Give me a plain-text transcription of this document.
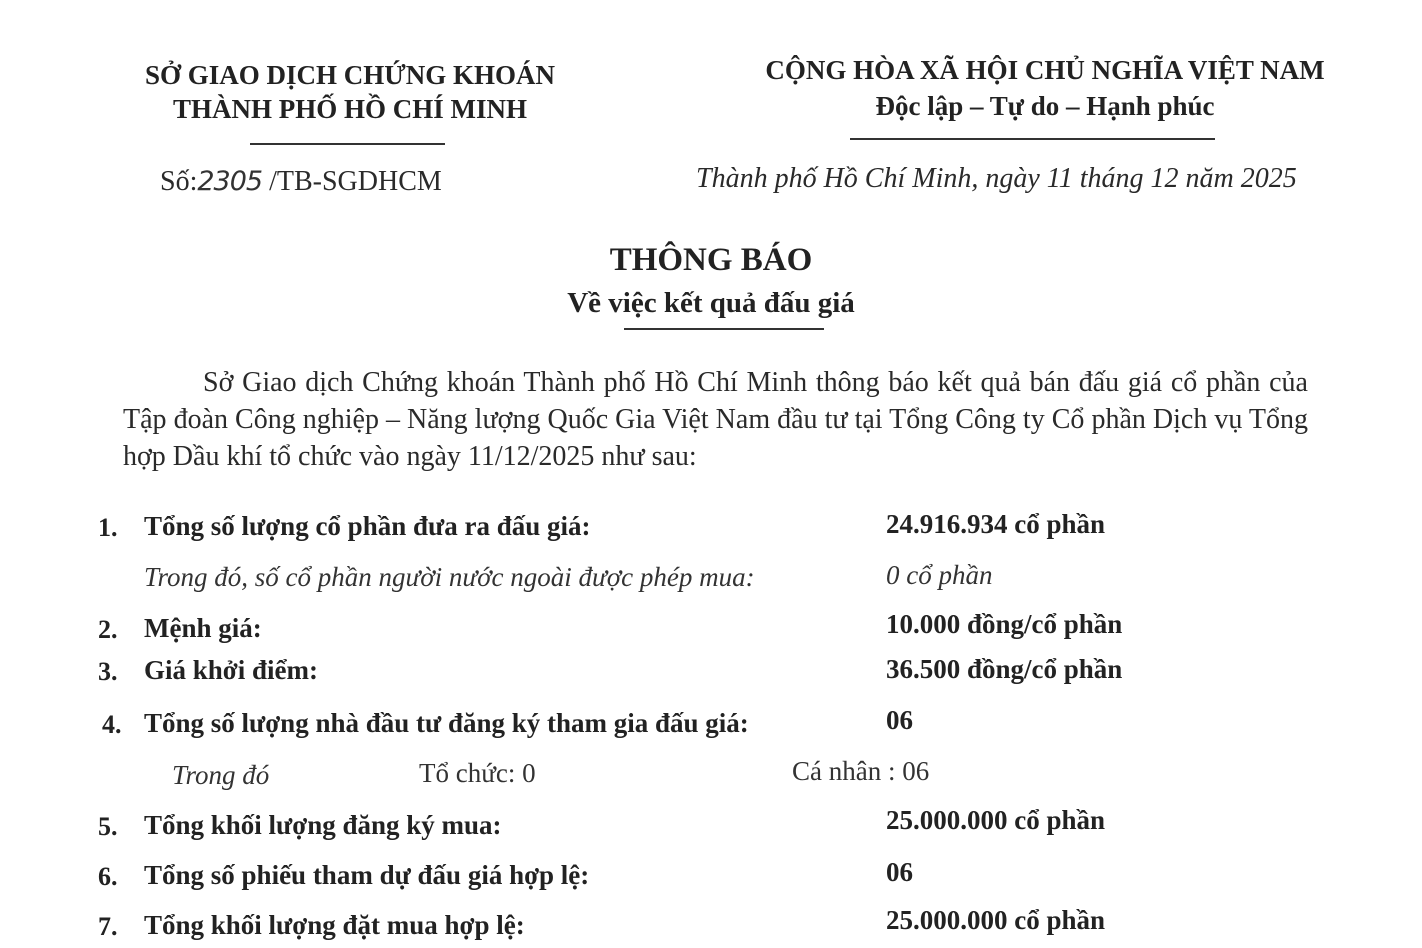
SỞ GIAO DỊCH CHỨNG KHOÁN
THÀNH PHỐ HỒ CHÍ MINH
Số:2305 /TB-SGDHCM
CỘNG HÒA XÃ HỘI CHỦ NGHĨA VIỆT NAM
Độc lập – Tự do – Hạnh phúc
Thành phố Hồ Chí Minh, ngày 11 tháng 12 năm 2025
THÔNG BÁO
Về việc kết quả đấu giá
Sở Giao dịch Chứng khoán Thành phố Hồ Chí Minh thông báo kết quả bán đấu giá cổ phần của Tập đoàn Công nghiệp – Năng lượng Quốc Gia Việt Nam đầu tư tại Tổng Công ty Cổ phần Dịch vụ Tổng hợp Dầu khí tổ chức vào ngày 11/12/2025 như sau:
1. Tổng số lượng cổ phần đưa ra đấu giá:	24.916.934 cổ phần
Trong đó, số cổ phần người nước ngoài được phép mua:	0 cổ phần
2. Mệnh giá:	10.000 đồng/cổ phần
3. Giá khởi điểm:	36.500 đồng/cổ phần
4. Tổng số lượng nhà đầu tư đăng ký tham gia đấu giá:	06
Trong đó	Tổ chức: 0	Cá nhân : 06
5. Tổng khối lượng đăng ký mua:	25.000.000 cổ phần
6. Tổng số phiếu tham dự đấu giá hợp lệ:	06
7. Tổng khối lượng đặt mua hợp lệ:	25.000.000 cổ phần
